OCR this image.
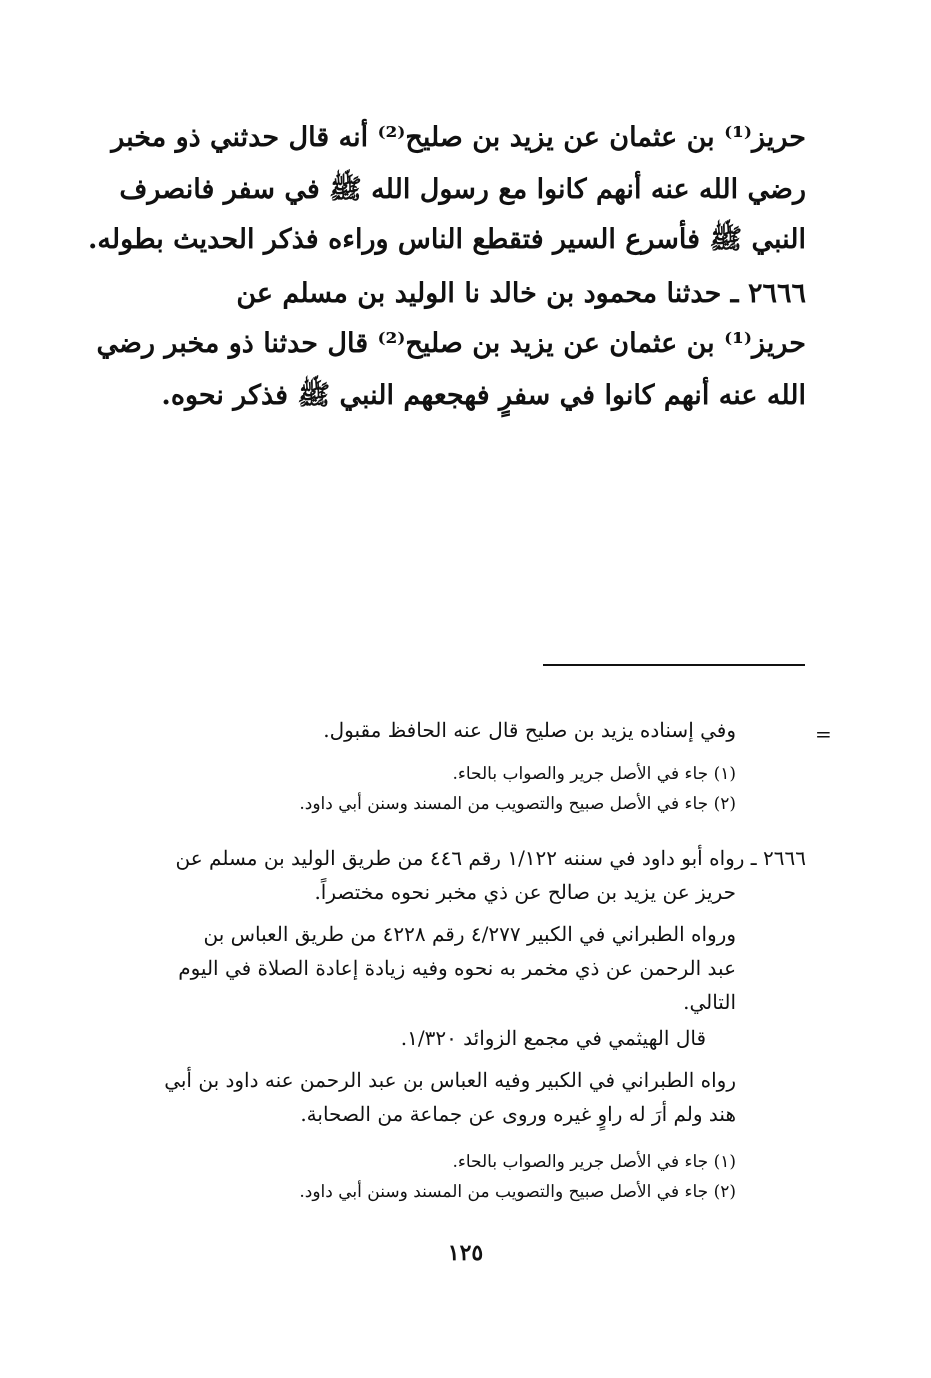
حريز⁽¹⁾ بن عثمان عن يزيد بن صليح⁽²⁾ أنه قال حدثني ذو مخبر

رضي الله عنه أنهم كانوا مع رسول الله ﷺ في سفر فانصرف

النبي ﷺ فأسرع السير فتقطع الناس وراءه فذكر الحديث بطوله.

٢٦٦٦ ـ حدثنا محمود بن خالد نا الوليد بن مسلم عن

حريز⁽¹⁾ بن عثمان عن يزيد بن صليح⁽²⁾ قال حدثنا ذو مخبر رضي

الله عنه أنهم كانوا في سفرٍ فهجعهم النبي ﷺ فذكر نحوه.

=

وفي إسناده يزيد بن صليح قال عنه الحافظ مقبول.

(١) جاء في الأصل جرير والصواب بالحاء.

(٢) جاء في الأصل صبيح والتصويب من المسند وسنن أبي داود.

٢٦٦٦ ـ رواه أبو داود في سننه ١/١٢٢ رقم ٤٤٦ من طريق الوليد بن مسلم عن

حريز عن يزيد بن صالح عن ذي مخبر نحوه مختصراً.

ورواه الطبراني في الكبير ٤/٢٧٧ رقم ٤٢٢٨ من طريق العباس بن

عبد الرحمن عن ذي مخمر به نحوه وفيه زيادة إعادة الصلاة في اليوم

التالي.

قال الهيثمي في مجمع الزوائد ١/٣٢٠.

رواه الطبراني في الكبير وفيه العباس بن عبد الرحمن عنه داود بن أبي

هند ولم أرَ له راوٍ غيره وروى عن جماعة من الصحابة.

(١) جاء في الأصل جرير والصواب بالحاء.

(٢) جاء في الأصل صبيح والتصويب من المسند وسنن أبي داود.

١٢٥
